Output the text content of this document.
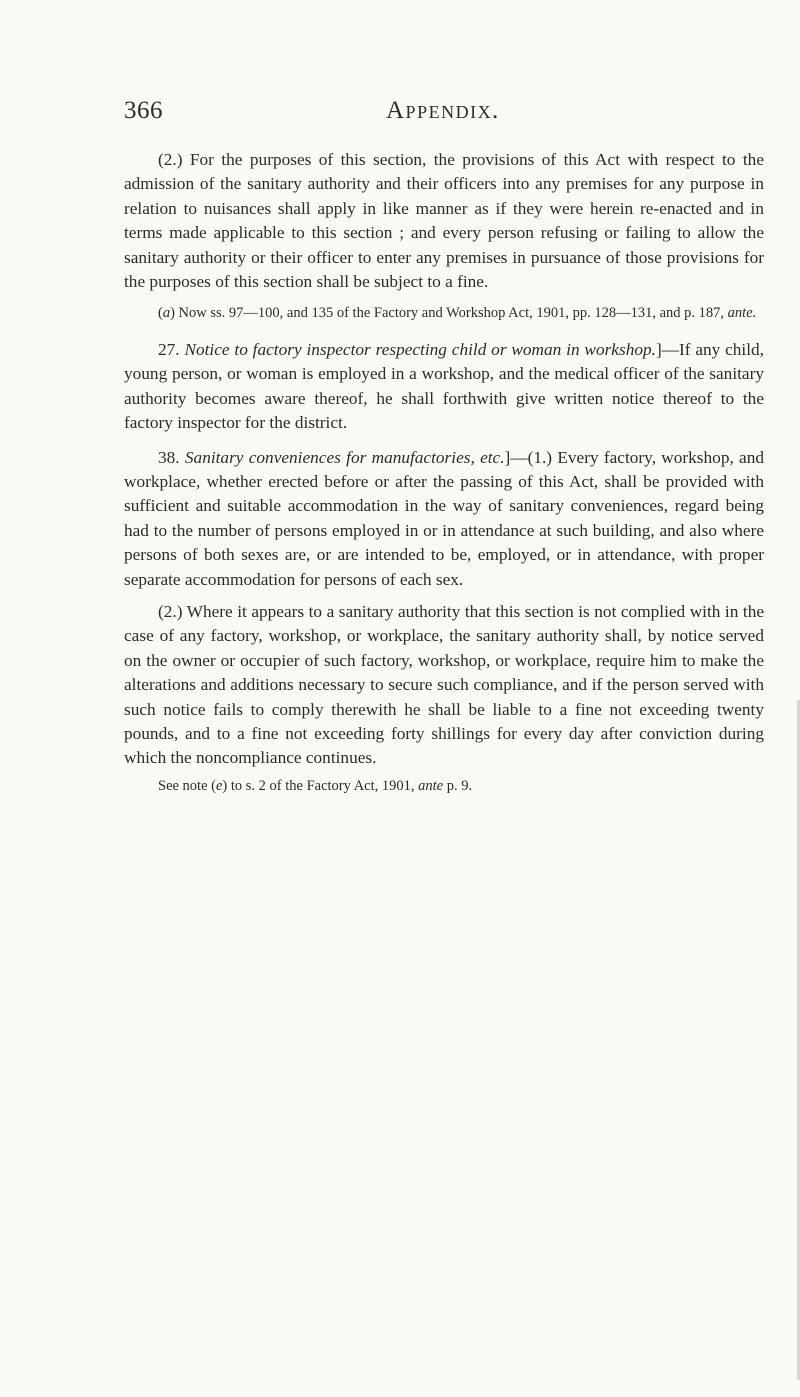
366	Appendix.

(2.) For the purposes of this section, the provisions of this Act with respect to the admission of the sanitary authority and their officers into any premises for any purpose in relation to nuisances shall apply in like manner as if they were herein re-enacted and in terms made applicable to this section ; and every person refusing or failing to allow the sanitary authority or their officer to enter any premises in pursuance of those provisions for the purposes of this section shall be subject to a fine.

(a) Now ss. 97—100, and 135 of the Factory and Workshop Act, 1901, pp. 128—131, and p. 187, ante.

27. Notice to factory inspector respecting child or woman in workshop.]—If any child, young person, or woman is employed in a workshop, and the medical officer of the sanitary authority becomes aware thereof, he shall forthwith give written notice thereof to the factory inspector for the district.

38. Sanitary conveniences for manufactories, etc.]—(1.) Every factory, workshop, and workplace, whether erected before or after the passing of this Act, shall be provided with sufficient and suitable accommodation in the way of sanitary conveniences, regard being had to the number of persons employed in or in attendance at such building, and also where persons of both sexes are, or are intended to be, employed, or in attendance, with proper separate accommodation for persons of each sex.

(2.) Where it appears to a sanitary authority that this section is not complied with in the case of any factory, workshop, or workplace, the sanitary authority shall, by notice served on the owner or occupier of such factory, workshop, or workplace, require him to make the alterations and additions necessary to secure such compliance, and if the person served with such notice fails to comply therewith he shall be liable to a fine not exceeding twenty pounds, and to a fine not exceeding forty shillings for every day after conviction during which the noncompliance continues.

See note (e) to s. 2 of the Factory Act, 1901, ante p. 9.
